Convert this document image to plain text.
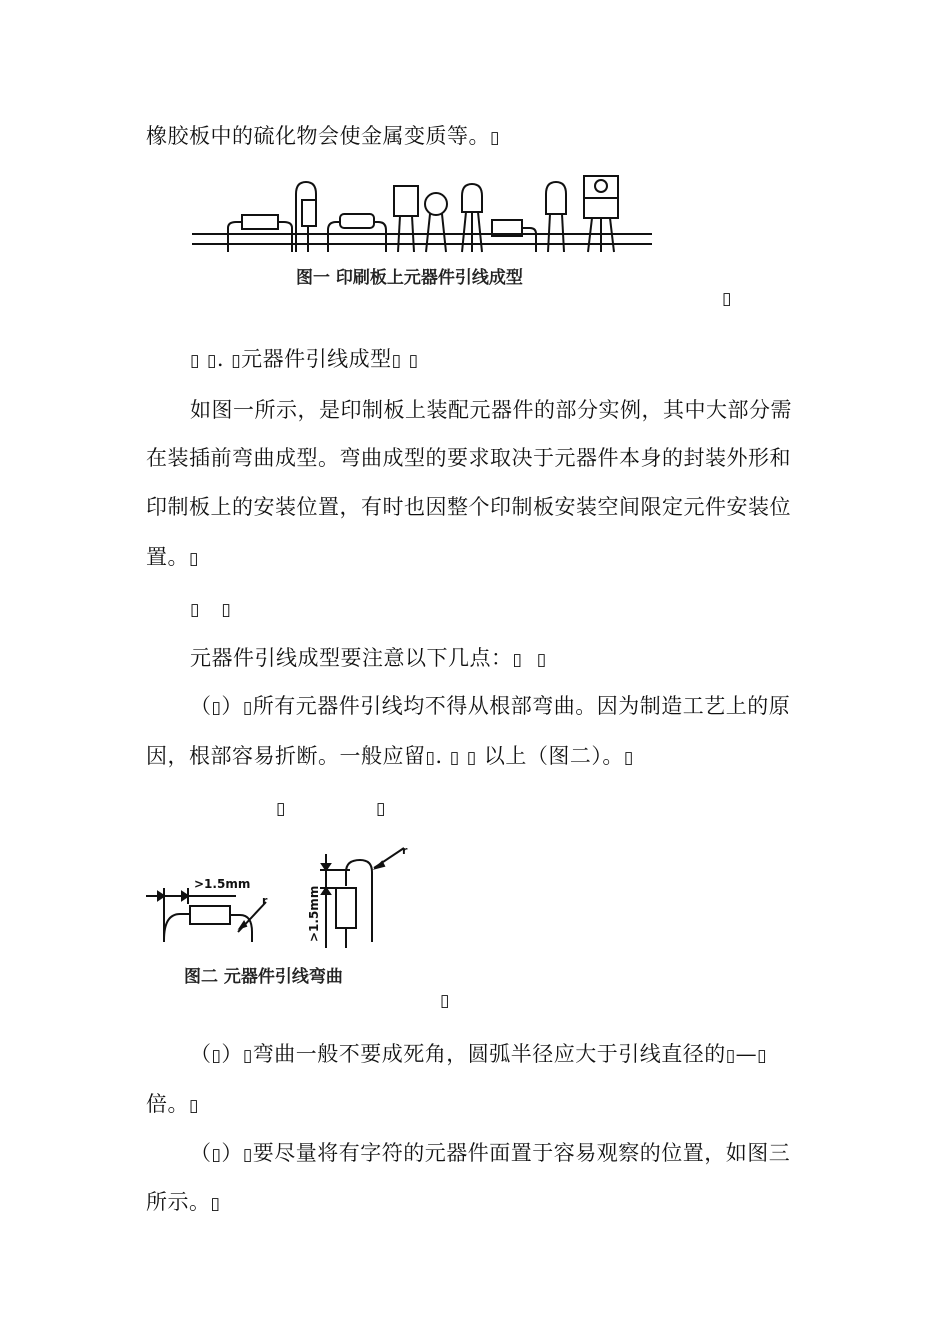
橡胶板中的硫化物会使金属变质等。▯
图一 印刷板上元器件引线成型
▯
▯ ▯. ▯元器件引线成型▯ ▯
如图一所示，是印制板上装配元器件的部分实例，其中大部分需
在装插前弯曲成型。弯曲成型的要求取决于元器件本身的封装外形和
印制板上的安装位置，有时也因整个印制板安装空间限定元件安装位
置。▯
▯ ▯
元器件引线成型要注意以下几点：▯ ▯
（▯）▯所有元器件引线均不得从根部弯曲。因为制造工艺上的原
因，根部容易折断。一般应留▯. ▯ ▯ 以上（图二）。▯
▯	▯
>1.5mm
r
r
>1.5mm
图二 元器件引线弯曲
▯
（▯）▯弯曲一般不要成死角，圆弧半径应大于引线直径的▯—▯
倍。▯
（▯）▯要尽量将有字符的元器件面置于容易观察的位置，如图三
所示。▯
